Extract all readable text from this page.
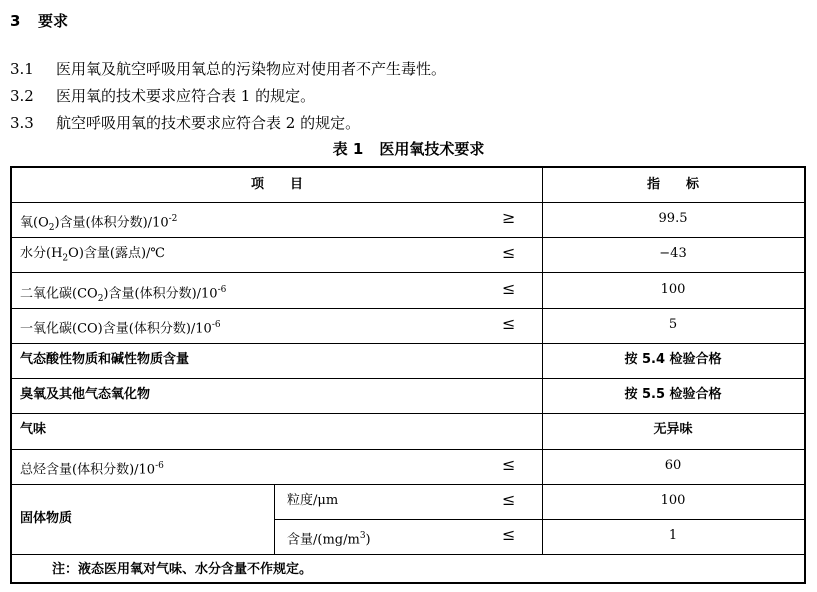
3 要求
3.1 医用氧及航空呼吸用氧总的污染物应对使用者不产生毒性。
3.2 医用氧的技术要求应符合表 1 的规定。
3.3 航空呼吸用氧的技术要求应符合表 2 的规定。
表 1 医用氧技术要求
项　　目	指　　标
氧$(O_2)$含量(体积分数)$/10^{-2}$	≥	99.5
水分$(H_2O)$含量(露点)/℃	≤	−43
二氧化碳$(CO_2)$含量(体积分数)$/10^{-6}$	≤	100
一氧化碳(CO)含量(体积分数)$/10^{-6}$	≤	5
气态酸性物质和碱性物质含量	按 5.4 检验合格
臭氧及其他气态氧化物	按 5.5 检验合格
气味	无异味
总烃含量(体积分数)$/10^{-6}$	≤	60
固体物质
粒度/μm	≤	100
含量$/(mg/m^3)$	≤	1
注：液态医用氧对气味、水分含量不作规定。
